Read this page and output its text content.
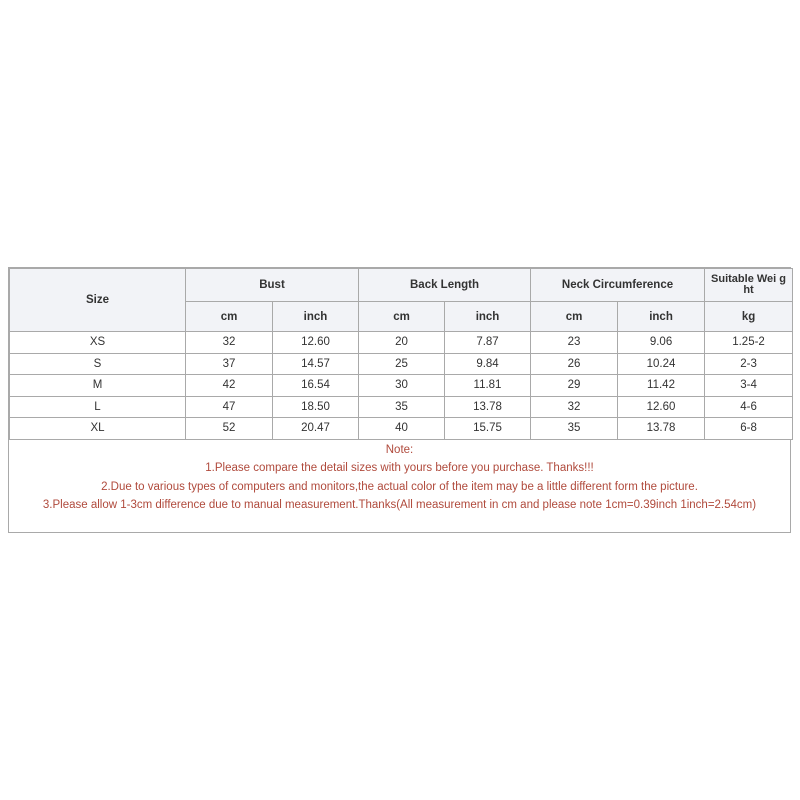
Size	Bust		Back Length		Neck Circumference		Suitable Wei ght
	cm	inch	cm	inch	cm	inch	kg
XS	32	12.60	20	7.87	23	9.06	1.25-2
S	37	14.57	25	9.84	26	10.24	2-3
M	42	16.54	30	11.81	29	11.42	3-4
L	47	18.50	35	13.78	32	12.60	4-6
XL	52	20.47	40	15.75	35	13.78	6-8
Note:
1.Please compare the detail sizes with yours before you purchase. Thanks!!!
2.Due to various types of computers and monitors,the actual color of the item may be a little different form the picture.
3.Please allow 1-3cm difference due to manual measurement.Thanks(All measurement in cm and please note 1cm=0.39inch 1inch=2.54cm)
